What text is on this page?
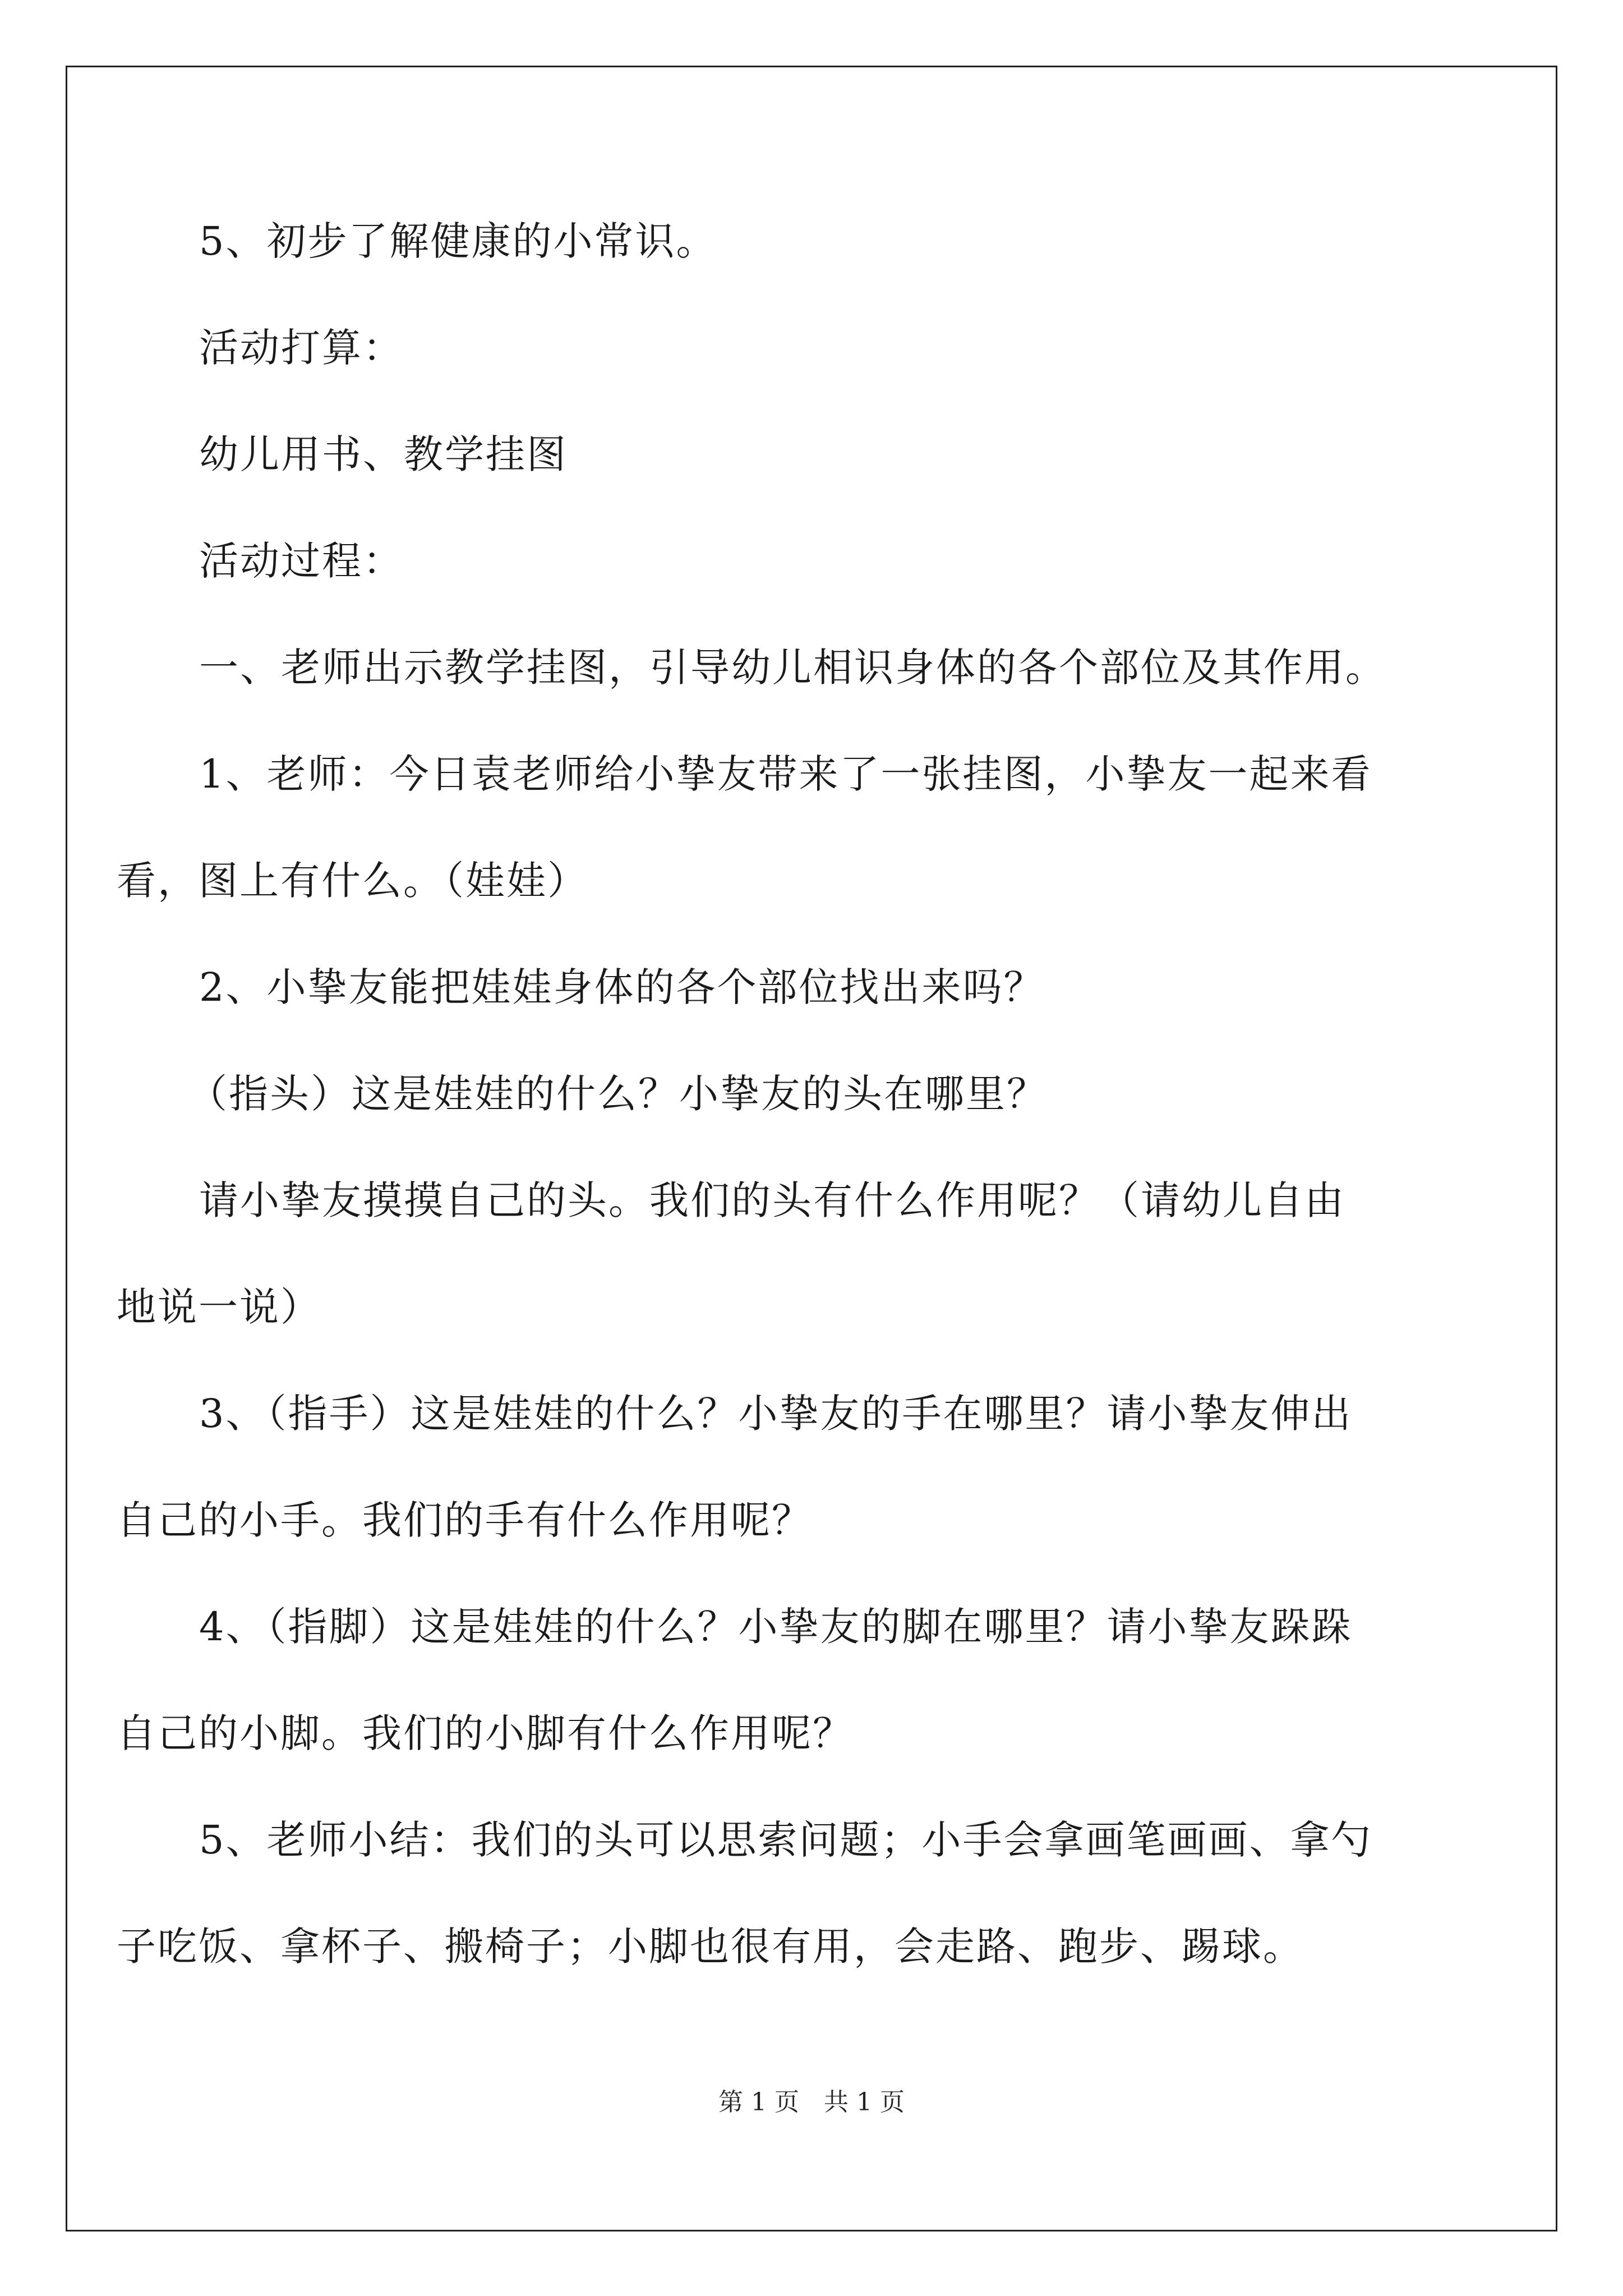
5、初步了解健康的小常识。
活动打算：
幼儿用书、教学挂图
活动过程：
一、老师出示教学挂图，引导幼儿相识身体的各个部位及其作用。
1、老师：今日袁老师给小挚友带来了一张挂图，小挚友一起来看
看，图上有什么。（娃娃）
2、小挚友能把娃娃身体的各个部位找出来吗？
（指头）这是娃娃的什么？小挚友的头在哪里？
请小挚友摸摸自己的头。我们的头有什么作用呢？（请幼儿自由
地说一说）
3、（指手）这是娃娃的什么？小挚友的手在哪里？请小挚友伸出
自己的小手。我们的手有什么作用呢？
4、（指脚）这是娃娃的什么？小挚友的脚在哪里？请小挚友跺跺
自己的小脚。我们的小脚有什么作用呢？
5、老师小结：我们的头可以思索问题；小手会拿画笔画画、拿勺
子吃饭、拿杯子、搬椅子；小脚也很有用，会走路、跑步、踢球。
第 1 页　共 1 页
